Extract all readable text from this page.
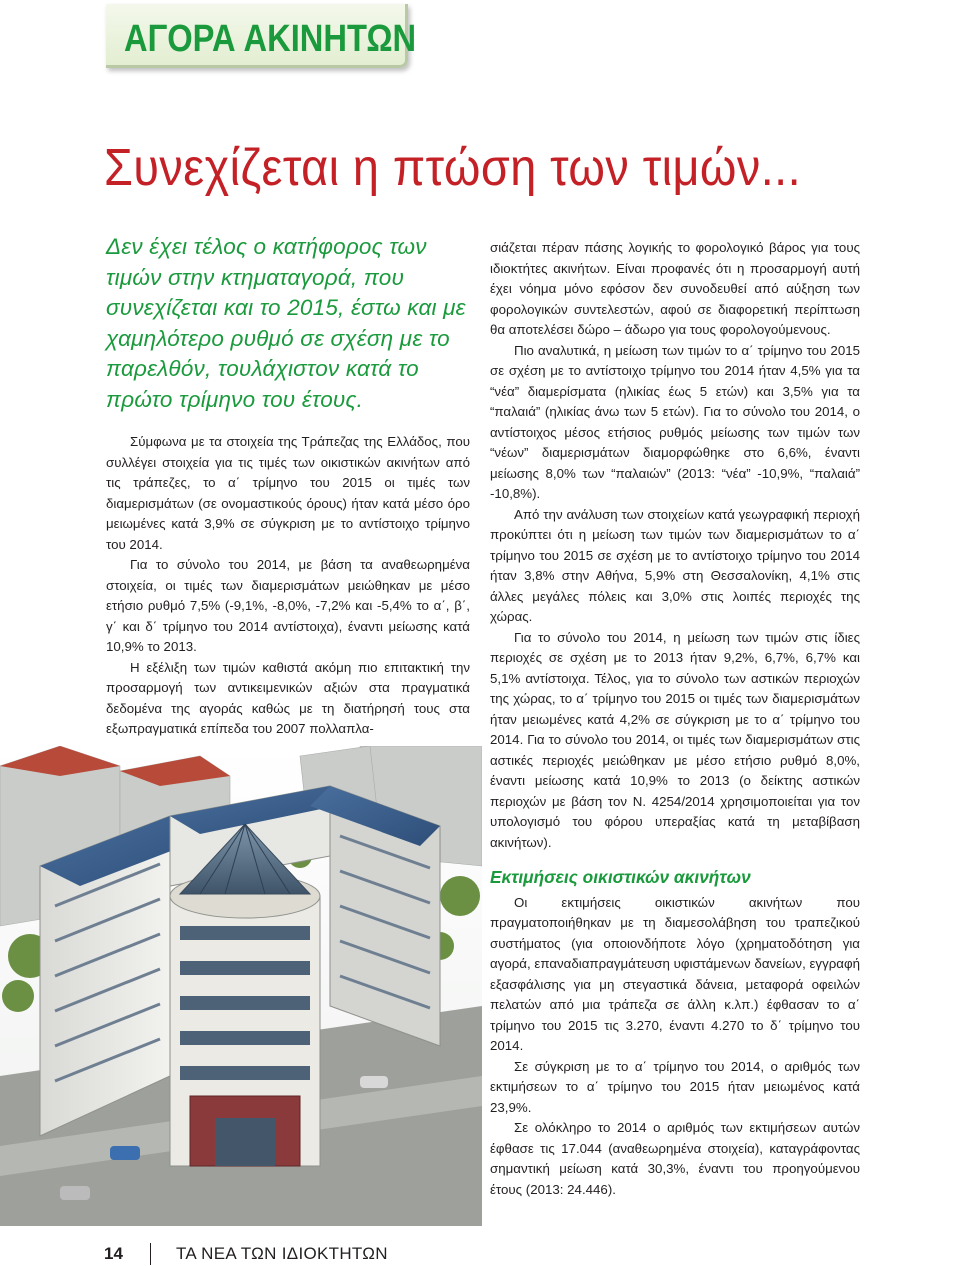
ΑΓΟΡΑ ΑΚΙΝΗΤΩΝ
Συνεχίζεται η πτώση των τιμών...
Δεν έχει τέλος ο κατήφορος των τιμών στην κτηματαγορά, που συνεχίζεται και το 2015, έστω και με χαμηλότερο ρυθμό σε σχέση με το παρελθόν, τουλάχιστον κατά το πρώτο τρίμηνο του έτους.

Σύμφωνα με τα στοιχεία της Τράπεζας της Ελλάδος, που συλλέγει στοιχεία για τις τιμές των οικιστικών ακινήτων από τις τράπεζες, το α΄ τρίμηνο του 2015 οι τιμές των διαμερισμάτων (σε ονομαστικούς όρους) ήταν κατά μέσο όρο μειωμένες κατά 3,9% σε σύγκριση με το αντίστοιχο τρίμηνο του 2014.

Για το σύνολο του 2014, με βάση τα αναθεωρημένα στοιχεία, οι τιμές των διαμερισμάτων μειώθηκαν με μέσο ετήσιο ρυθμό 7,5% (-9,1%, -8,0%, -7,2% και -5,4% το α΄, β΄, γ΄ και δ΄ τρίμηνο του 2014 αντίστοιχα), έναντι μείωσης κατά 10,9% το 2013.

Η εξέλιξη των τιμών καθιστά ακόμη πιο επιτακτική την προσαρμογή των αντικειμενικών αξιών στα πραγματικά δεδομένα της αγοράς καθώς με τη διατήρησή τους στα εξωπραγματικά επίπεδα του 2007 πολλαπλα-

σιάζεται πέραν πάσης λογικής το φορολογικό βάρος για τους ιδιοκτήτες ακινήτων. Είναι προφανές ότι η προσαρμογή αυτή έχει νόημα μόνο εφόσον δεν συνοδευθεί από αύξηση των φορολογικών συντελεστών, αφού σε διαφορετική περίπτωση θα αποτελέσει δώρο – άδωρο για τους φορολογούμενους.

Πιο αναλυτικά, η μείωση των τιμών το α΄ τρίμηνο του 2015 σε σχέση με το αντίστοιχο τρίμηνο του 2014 ήταν 4,5% για τα “νέα” διαμερίσματα (ηλικίας έως 5 ετών) και 3,5% για τα “παλαιά” (ηλικίας άνω των 5 ετών). Για το σύνολο του 2014, ο αντίστοιχος μέσος ετήσιος ρυθμός μείωσης των τιμών των “νέων” διαμερισμάτων διαμορφώθηκε στο 6,6%, έναντι μείωσης 8,0% των “παλαιών” (2013: “νέα” -10,9%, “παλαιά” -10,8%).

Από την ανάλυση των στοιχείων κατά γεωγραφική περιοχή προκύπτει ότι η μείωση των τιμών των διαμερισμάτων το α΄ τρίμηνο του 2015 σε σχέση με το αντίστοιχο τρίμηνο του 2014 ήταν 3,8% στην Αθήνα, 5,9% στη Θεσσαλονίκη, 4,1% στις άλλες μεγάλες πόλεις και 3,0% στις λοιπές περιοχές της χώρας.

Για το σύνολο του 2014, η μείωση των τιμών στις ίδιες περιοχές σε σχέση με το 2013 ήταν 9,2%, 6,7%, 6,7% και 5,1% αντίστοιχα. Τέλος, για το σύνολο των αστικών περιοχών της χώρας, το α΄ τρίμηνο του 2015 οι τιμές των διαμερισμάτων ήταν μειωμένες κατά 4,2% σε σύγκριση με το α΄ τρίμηνο του 2014. Για το σύνολο του 2014, οι τιμές των διαμερισμάτων στις αστικές περιοχές μειώθηκαν με μέσο ετήσιο ρυθμό 8,0%, έναντι μείωσης κατά 10,9% το 2013 (ο δείκτης αστικών περιοχών με βάση τον Ν. 4254/2014 χρησιμοποιείται για τον υπολογισμό του φόρου υπεραξίας κατά τη μεταβίβαση ακινήτων).

Εκτιμήσεις οικιστικών ακινήτων

Οι εκτιμήσεις οικιστικών ακινήτων που πραγματοποιήθηκαν με τη διαμεσολάβηση του τραπεζικού συστήματος (για οποιονδήποτε λόγο (χρηματοδότηση για αγορά, επαναδιαπραγμάτευση υφιστάμενων δανείων, εγγραφή εξασφάλισης για μη στεγαστικά δάνεια, μεταφορά οφειλών πελατών από μια τράπεζα σε άλλη κ.λπ.) έφθασαν το α΄ τρίμηνο του 2015 τις 3.270, έναντι 4.270 το δ΄ τρίμηνο του 2014.

Σε σύγκριση με το α΄ τρίμηνο του 2014, ο αριθμός των εκτιμήσεων το α΄ τρίμηνο του 2015 ήταν μειωμένος κατά 23,9%.

Σε ολόκληρο το 2014 ο αριθμός των εκτιμήσεων αυτών έφθασε τις 17.044 (αναθεωρημένα στοιχεία), καταγράφοντας σημαντική μείωση κατά 30,3%, έναντι του προηγούμενου έτους (2013: 24.446).

14	ΤΑ ΝΕΑ ΤΩΝ ΙΔΙΟΚΤΗΤΩΝ
